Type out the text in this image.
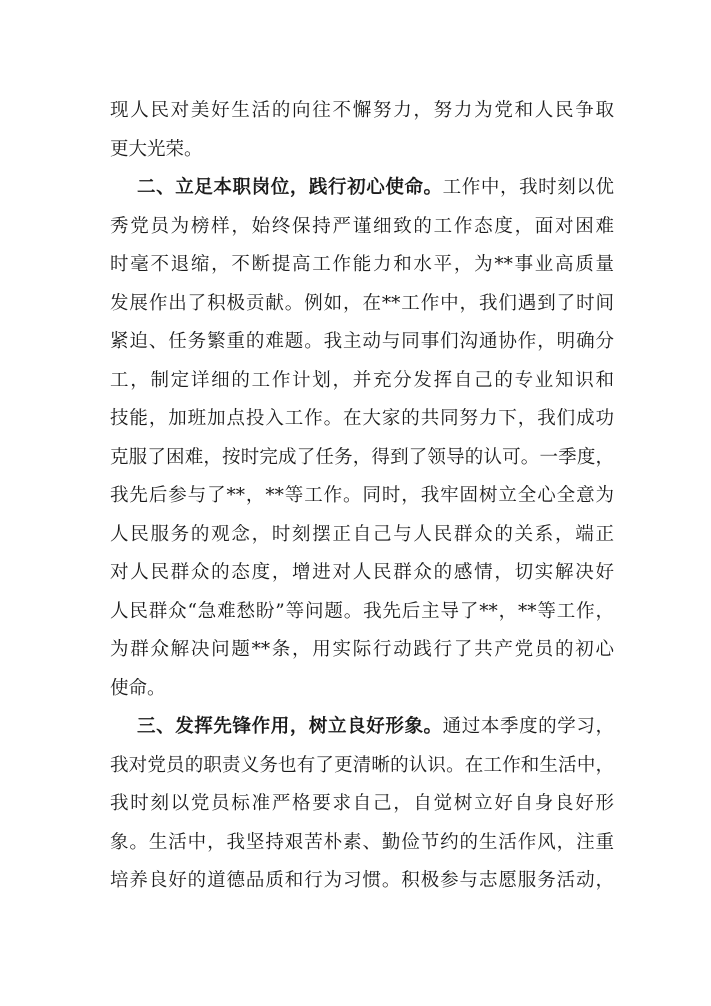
现人民对美好生活的向往不懈努力，努力为党和人民争取
更大光荣。
二、立足本职岗位，践行初心使命。工作中，我时刻以优
秀党员为榜样，始终保持严谨细致的工作态度，面对困难
时毫不退缩，不断提高工作能力和水平，为**事业高质量
发展作出了积极贡献。例如，在**工作中，我们遇到了时间
紧迫、任务繁重的难题。我主动与同事们沟通协作，明确分
工，制定详细的工作计划，并充分发挥自己的专业知识和
技能，加班加点投入工作。在大家的共同努力下，我们成功
克服了困难，按时完成了任务，得到了领导的认可。一季度，
我先后参与了**，**等工作。同时，我牢固树立全心全意为
人民服务的观念，时刻摆正自己与人民群众的关系，端正
对人民群众的态度，增进对人民群众的感情，切实解决好
人民群众“急难愁盼”等问题。我先后主导了**，**等工作，
为群众解决问题**条，用实际行动践行了共产党员的初心
使命。
三、发挥先锋作用，树立良好形象。通过本季度的学习，
我对党员的职责义务也有了更清晰的认识。在工作和生活中，
我时刻以党员标准严格要求自己，自觉树立好自身良好形
象。生活中，我坚持艰苦朴素、勤俭节约的生活作风，注重
培养良好的道德品质和行为习惯。积极参与志愿服务活动，
